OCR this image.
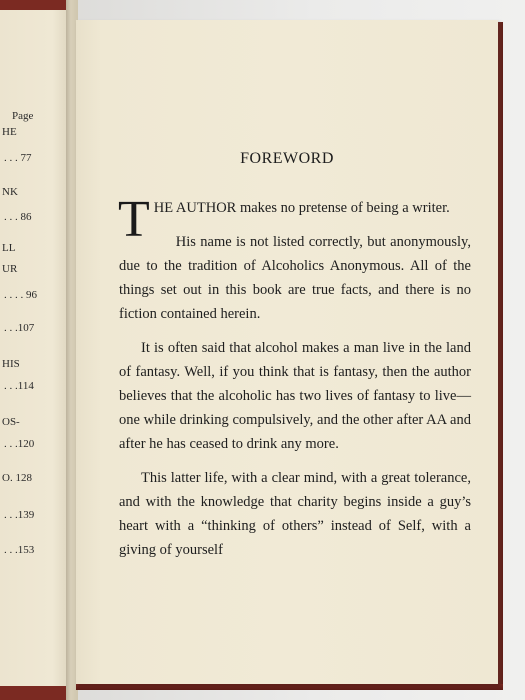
Page
HE
. . . 77
NK
. . . 86
LL
UR
. . . . 96
. . .107
HIS
. . .114
OS-
. . .120
O. 128
. . .139
. . .153
FOREWORD

THE AUTHOR makes no pretense of being a writer.

His name is not listed correctly, but anonymously, due to the tradition of Alcoholics Anonymous. All of the things set out in this book are true facts, and there is no fiction contained herein.

It is often said that alcohol makes a man live in the land of fantasy. Well, if you think that is fantasy, then the author believes that the alcoholic has two lives of fantasy to live—one while drinking compulsively, and the other after AA and after he has ceased to drink any more.

This latter life, with a clear mind, with a great tolerance, and with the knowledge that charity begins inside a guy’s heart with a “thinking of others” instead of Self, with a giving of yourself
